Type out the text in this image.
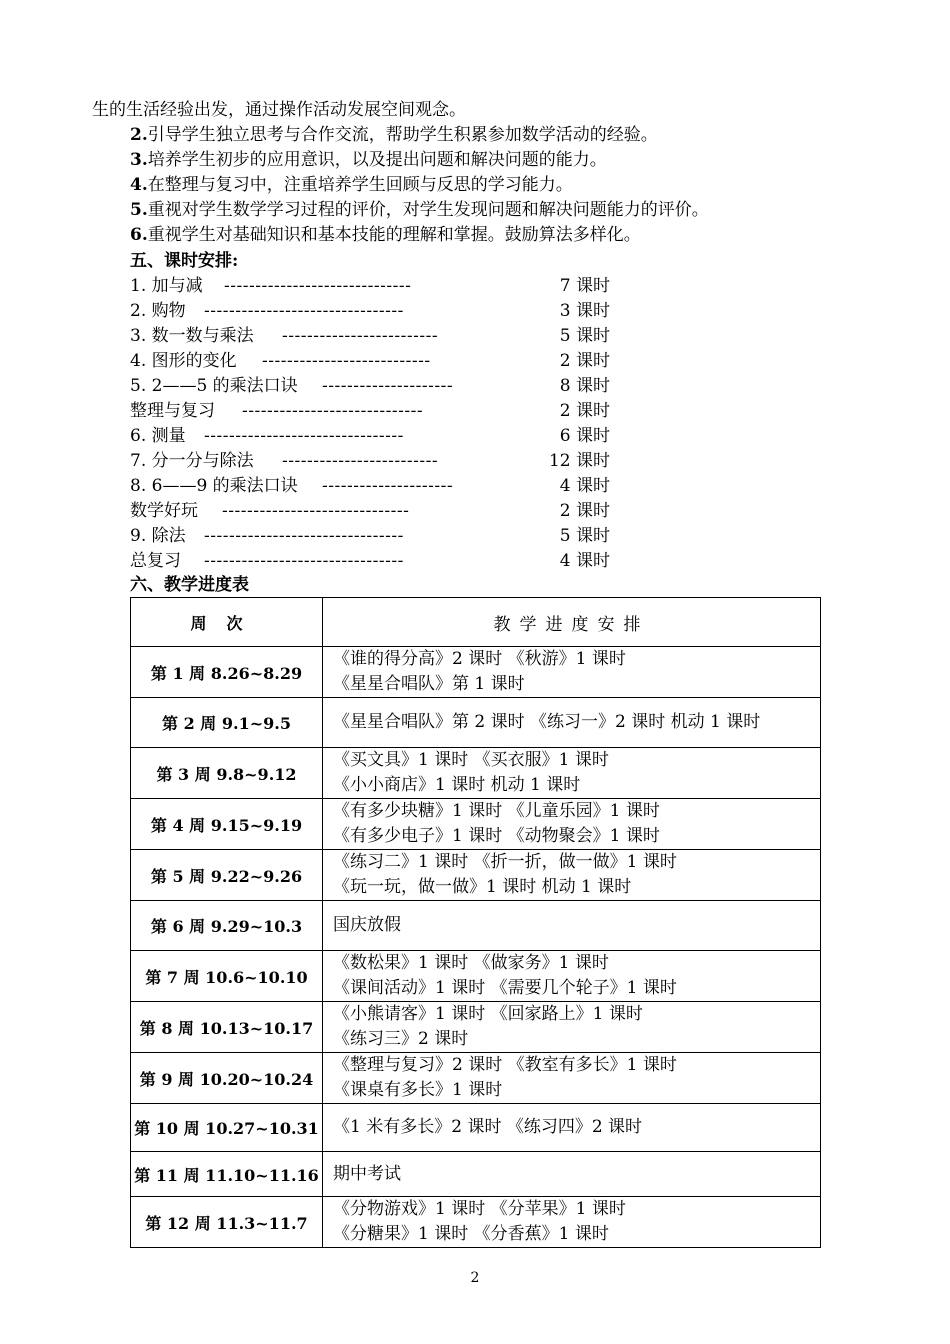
生的生活经验出发，通过操作活动发展空间观念。
2.引导学生独立思考与合作交流，帮助学生积累参加数学活动的经验。
3.培养学生初步的应用意识，以及提出问题和解决问题的能力。
4.在整理与复习中，注重培养学生回顾与反思的学习能力。
5.重视对学生数学学习过程的评价，对学生发现问题和解决问题能力的评价。
6.重视学生对基础知识和基本技能的理解和掌握。鼓励算法多样化。
五、课时安排:
1. 加与减 ------------------------------	7 课时
2. 购物 --------------------------------	3 课时
3. 数一数与乘法 -------------------------	5 课时
4. 图形的变化 ---------------------------	2 课时
5. 2——5 的乘法口诀 ---------------------	8 课时
整理与复习 -----------------------------	2 课时
6. 测量 --------------------------------	6 课时
7. 分一分与除法 -------------------------	12 课时
8. 6——9 的乘法口诀 ---------------------	4 课时
数学好玩 ------------------------------	2 课时
9. 除法 --------------------------------	5 课时
总复习 --------------------------------	4 课时
六、教学进度表
周次	教学进度安排
第 1 周 8.26~8.29	《谁的得分高》2 课时 《秋游》1 课时
《星星合唱队》第 1 课时

第 2 周 9.1~9.5	《星星合唱队》第 2 课时 《练习一》2 课时 机动 1 课时

第 3 周 9.8~9.12	《买文具》1 课时 《买衣服》1 课时
《小小商店》1 课时 机动 1 课时

第 4 周 9.15~9.19	《有多少块糖》1 课时 《儿童乐园》1 课时
《有多少电子》1 课时 《动物聚会》1 课时

第 5 周 9.22~9.26	《练习二》1 课时 《折一折，做一做》1 课时
《玩一玩，做一做》1 课时 机动 1 课时

第 6 周 9.29~10.3	国庆放假

第 7 周 10.6~10.10	《数松果》1 课时 《做家务》1 课时
《课间活动》1 课时 《需要几个轮子》1 课时

第 8 周 10.13~10.17	《小熊请客》1 课时 《回家路上》1 课时
《练习三》2 课时

第 9 周 10.20~10.24	《整理与复习》2 课时 《教室有多长》1 课时
《课桌有多长》1 课时

第 10 周 10.27~10.31	《1 米有多长》2 课时 《练习四》2 课时

第 11 周 11.10~11.16	期中考试

第 12 周 11.3~11.7	《分物游戏》1 课时 《分苹果》1 课时
《分糖果》1 课时 《分香蕉》1 课时
2
